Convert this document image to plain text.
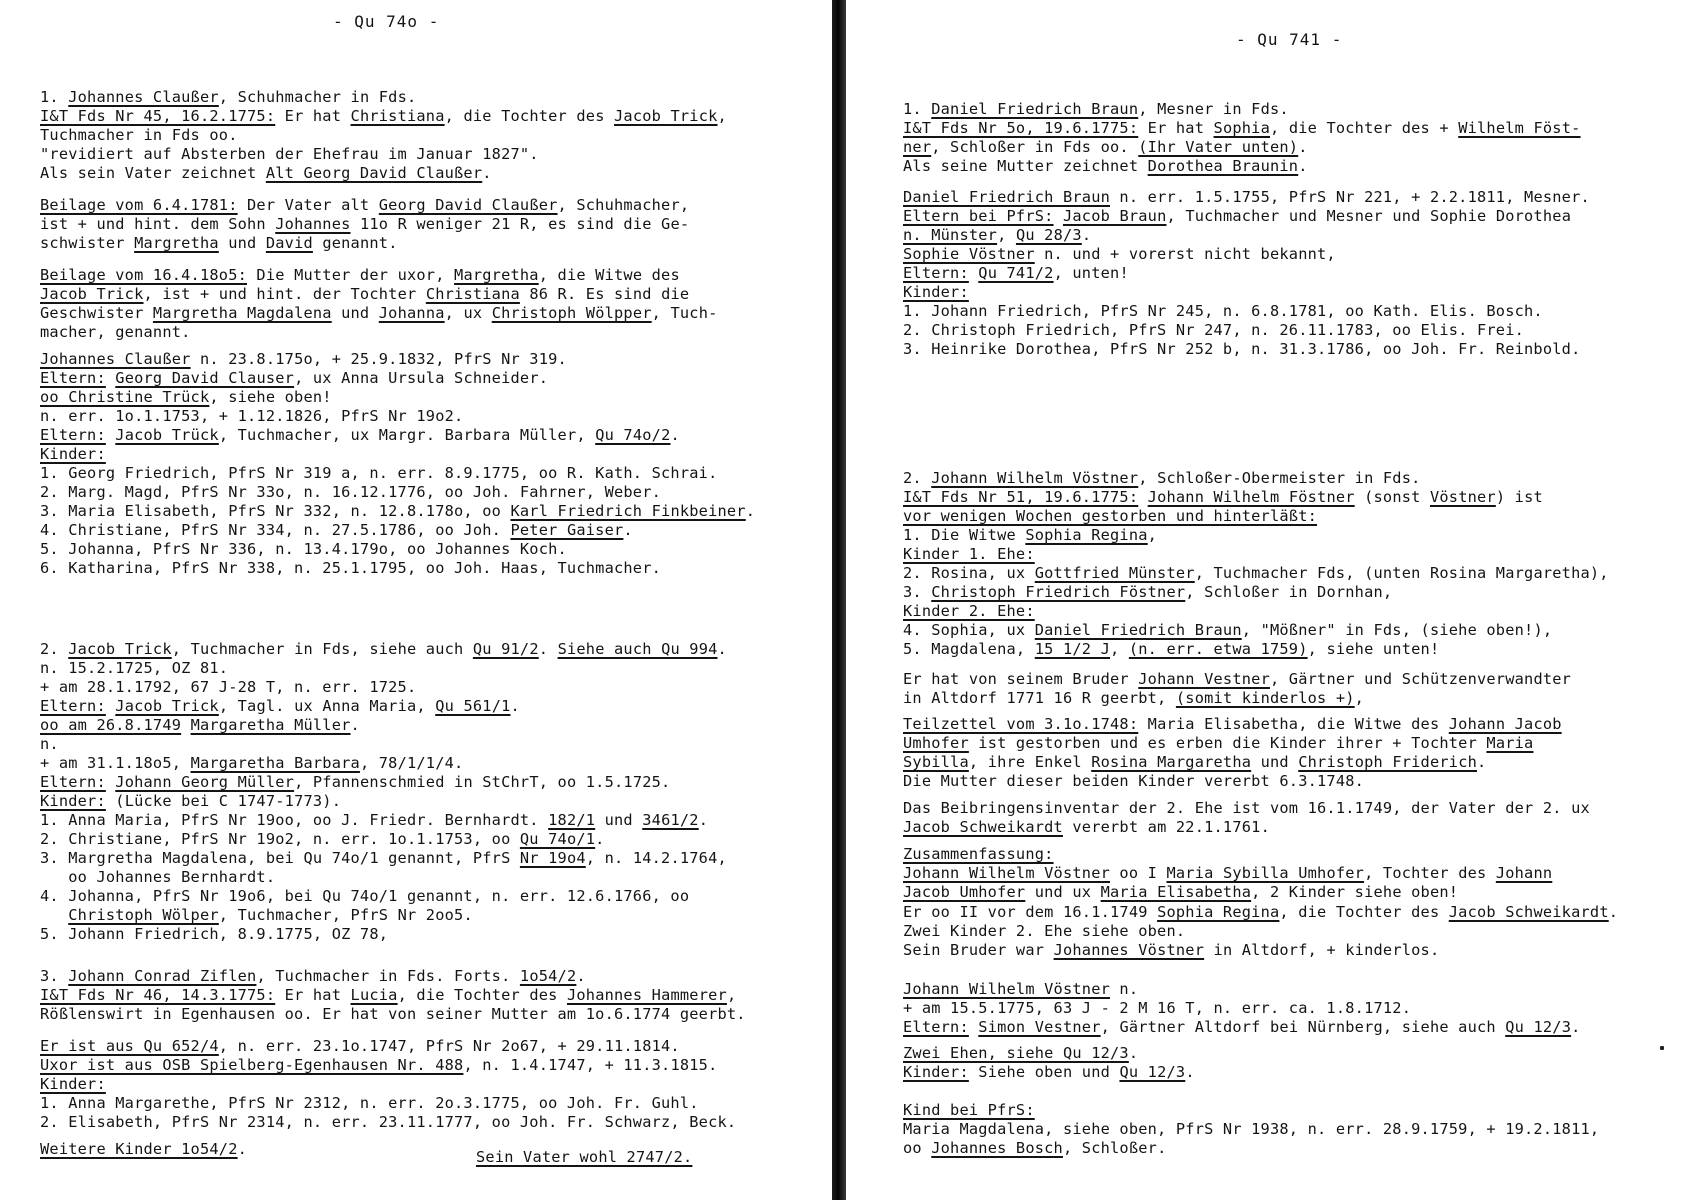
- Qu 74o -
1. Johannes Claußer, Schuhmacher in Fds.
I&T Fds Nr 45, 16.2.1775: Er hat Christiana, die Tochter des Jacob Trick,
Tuchmacher in Fds oo.
"revidiert auf Absterben der Ehefrau im Januar 1827".
Als sein Vater zeichnet Alt Georg David Claußer.
Beilage vom 6.4.1781: Der Vater alt Georg David Claußer, Schuhmacher,
ist + und hint. dem Sohn Johannes 11o R weniger 21 R, es sind die Ge-
schwister Margretha und David genannt.
Beilage vom 16.4.18o5: Die Mutter der uxor, Margretha, die Witwe des
Jacob Trick, ist + und hint. der Tochter Christiana 86 R. Es sind die
Geschwister Margretha Magdalena und Johanna, ux Christoph Wölpper, Tuch-
macher, genannt.
Johannes Claußer n. 23.8.175o, + 25.9.1832, PfrS Nr 319.
Eltern: Georg David Clauser, ux Anna Ursula Schneider.
oo Christine Trück, siehe oben!
n. err. 1o.1.1753, + 1.12.1826, PfrS Nr 19o2.
Eltern: Jacob Trück, Tuchmacher, ux Margr. Barbara Müller, Qu 74o/2.
Kinder:
1. Georg Friedrich, PfrS Nr 319 a, n. err. 8.9.1775, oo R. Kath. Schrai.
2. Marg. Magd, PfrS Nr 33o, n. 16.12.1776, oo Joh. Fahrner, Weber.
3. Maria Elisabeth, PfrS Nr 332, n. 12.8.178o, oo Karl Friedrich Finkbeiner.
4. Christiane, PfrS Nr 334, n. 27.5.1786, oo Joh. Peter Gaiser.
5. Johanna, PfrS Nr 336, n. 13.4.179o, oo Johannes Koch.
6. Katharina, PfrS Nr 338, n. 25.1.1795, oo Joh. Haas, Tuchmacher.
2. Jacob Trick, Tuchmacher in Fds, siehe auch Qu 91/2. Siehe auch Qu 994.
n. 15.2.1725, OZ 81.
+ am 28.1.1792, 67 J-28 T, n. err. 1725.
Eltern: Jacob Trick, Tagl. ux Anna Maria, Qu 561/1.
oo am 26.8.1749 Margaretha Müller.
n.
+ am 31.1.18o5, Margaretha Barbara, 78/1/1/4.
Eltern: Johann Georg Müller, Pfannenschmied in StChrT, oo 1.5.1725.
Kinder: (Lücke bei C 1747-1773).
1. Anna Maria, PfrS Nr 19oo, oo J. Friedr. Bernhardt. 182/1 und 3461/2.
2. Christiane, PfrS Nr 19o2, n. err. 1o.1.1753, oo Qu 74o/1.
3. Margretha Magdalena, bei Qu 74o/1 genannt, PfrS Nr 19o4, n. 14.2.1764,
oo Johannes Bernhardt.
4. Johanna, PfrS Nr 19o6, bei Qu 74o/1 genannt, n. err. 12.6.1766, oo
Christoph Wölper, Tuchmacher, PfrS Nr 2oo5.
5. Johann Friedrich, 8.9.1775, OZ 78,
3. Johann Conrad Ziflen, Tuchmacher in Fds. Forts. 1o54/2.
I&T Fds Nr 46, 14.3.1775: Er hat Lucia, die Tochter des Johannes Hammerer,
Rößlenswirt in Egenhausen oo. Er hat von seiner Mutter am 1o.6.1774 geerbt.
Er ist aus Qu 652/4, n. err. 23.1o.1747, PfrS Nr 2o67, + 29.11.1814.
Uxor ist aus OSB Spielberg-Egenhausen Nr. 488, n. 1.4.1747, + 11.3.1815.
Kinder:
1. Anna Margarethe, PfrS Nr 2312, n. err. 2o.3.1775, oo Joh. Fr. Guhl.
2. Elisabeth, PfrS Nr 2314, n. err. 23.11.1777, oo Joh. Fr. Schwarz, Beck.
Weitere Kinder 1o54/2.	Sein Vater wohl 2747/2.
- Qu 741 -
1. Daniel Friedrich Braun, Mesner in Fds.
I&T Fds Nr 5o, 19.6.1775: Er hat Sophia, die Tochter des + Wilhelm Föst-
ner, Schloßer in Fds oo. (Ihr Vater unten).
Als seine Mutter zeichnet Dorothea Braunin.
Daniel Friedrich Braun n. err. 1.5.1755, PfrS Nr 221, + 2.2.1811, Mesner.
Eltern bei PfrS: Jacob Braun, Tuchmacher und Mesner und Sophie Dorothea
n. Münster, Qu 28/3.
Sophie Vöstner n. und + vorerst nicht bekannt,
Eltern: Qu 741/2, unten!
Kinder:
1. Johann Friedrich, PfrS Nr 245, n. 6.8.1781, oo Kath. Elis. Bosch.
2. Christoph Friedrich, PfrS Nr 247, n. 26.11.1783, oo Elis. Frei.
3. Heinrike Dorothea, PfrS Nr 252 b, n. 31.3.1786, oo Joh. Fr. Reinbold.
2. Johann Wilhelm Vöstner, Schloßer-Obermeister in Fds.
I&T Fds Nr 51, 19.6.1775: Johann Wilhelm Föstner (sonst Vöstner) ist
vor wenigen Wochen gestorben und hinterläßt:
1. Die Witwe Sophia Regina,
Kinder 1. Ehe:
2. Rosina, ux Gottfried Münster, Tuchmacher Fds, (unten Rosina Margaretha),
3. Christoph Friedrich Föstner, Schloßer in Dornhan,
Kinder 2. Ehe:
4. Sophia, ux Daniel Friedrich Braun, "Mößner" in Fds, (siehe oben!),
5. Magdalena, 15 1/2 J, (n. err. etwa 1759), siehe unten!
Er hat von seinem Bruder Johann Vestner, Gärtner und Schützenverwandter
in Altdorf 1771 16 R geerbt, (somit kinderlos +),
Teilzettel vom 3.1o.1748: Maria Elisabetha, die Witwe des Johann Jacob
Umhofer ist gestorben und es erben die Kinder ihrer + Tochter Maria
Sybilla, ihre Enkel Rosina Margaretha und Christoph Friderich.
Die Mutter dieser beiden Kinder vererbt 6.3.1748.
Das Beibringensinventar der 2. Ehe ist vom 16.1.1749, der Vater der 2. ux
Jacob Schweikardt vererbt am 22.1.1761.
Zusammenfassung:
Johann Wilhelm Vöstner oo I Maria Sybilla Umhofer, Tochter des Johann
Jacob Umhofer und ux Maria Elisabetha, 2 Kinder siehe oben!
Er oo II vor dem 16.1.1749 Sophia Regina, die Tochter des Jacob Schweikardt.
Zwei Kinder 2. Ehe siehe oben.
Sein Bruder war Johannes Vöstner in Altdorf, + kinderlos.
Johann Wilhelm Vöstner n.
+ am 15.5.1775, 63 J - 2 M 16 T, n. err. ca. 1.8.1712.
Eltern: Simon Vestner, Gärtner Altdorf bei Nürnberg, siehe auch Qu 12/3.
Zwei Ehen, siehe Qu 12/3.
Kinder: Siehe oben und Qu 12/3.
Kind bei PfrS:
Maria Magdalena, siehe oben, PfrS Nr 1938, n. err. 28.9.1759, + 19.2.1811,
oo Johannes Bosch, Schloßer.
